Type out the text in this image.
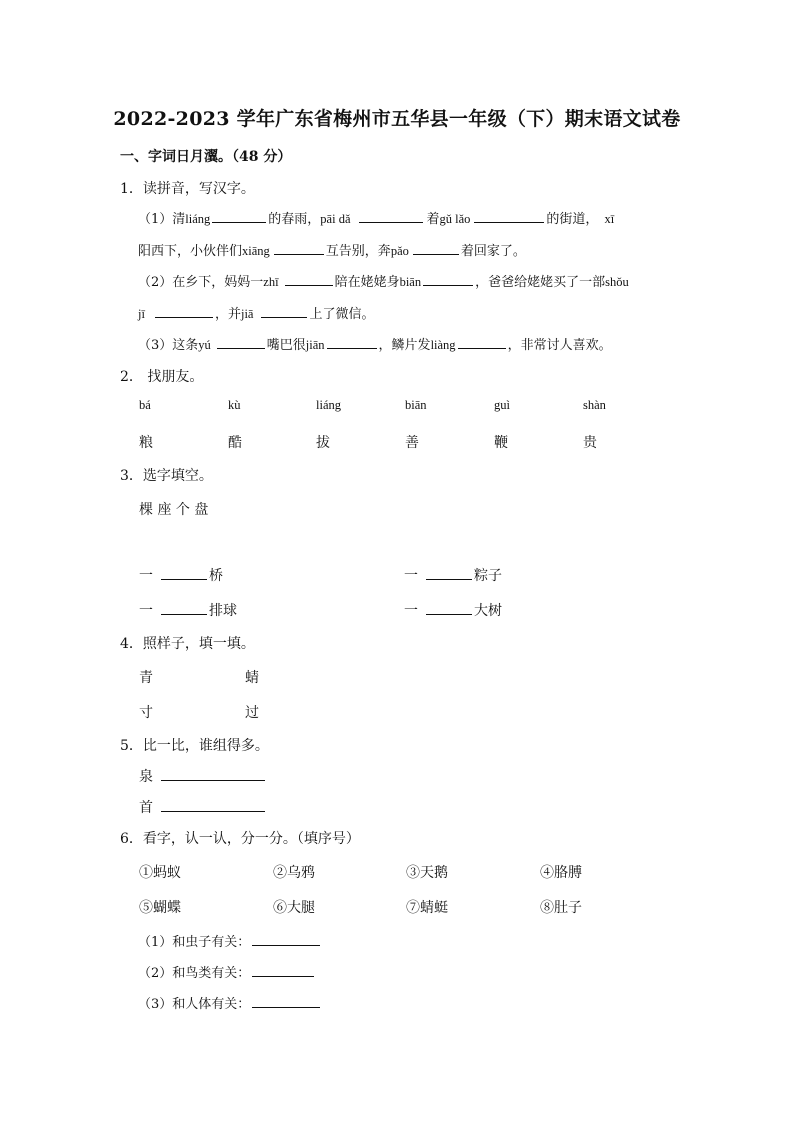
2022-2023 学年广东省梅州市五华县一年级（下）期末语文试卷
一、字词日月瀷。（48 分）
1．读拼音，写汉字。
（1）清 liáng	的春雨， pāi dǎ	着 gǔ lǎo	的街道， xī
阳西下，小伙伴们 xiāng	互告别，奔 pǎo	着回家了。
（2）在乡下，妈妈一 zhī	陪在姥姥身 biān	，爸爸给姥姥买了一部 shǒu
jī	，并 jiā	上了微信。
（3）这条 yú	嘴巴很 jiān	，鳞片发 liàng	，非常讨人喜欢。
2． 找朋友。
bá	kù	liáng	biān	guì	shàn
粮	酷	拔	善	鞭	贵
3．选字填空。
棵 座 个 盘
一	桥	一	粽子
一	排球	一	大树
4．照样子，填一填。
青	蜻
寸	过
5．比一比，谁组得多。
泉
首
6．看字，认一认，分一分。（填序号）
①蚂蚁	②乌鸦	③天鹅	④胳膊
⑤蝴蝶	⑥大腿	⑦蜻蜓	⑧肚子
（1）和虫子有关：
（2）和鸟类有关：
（3）和人体有关：
